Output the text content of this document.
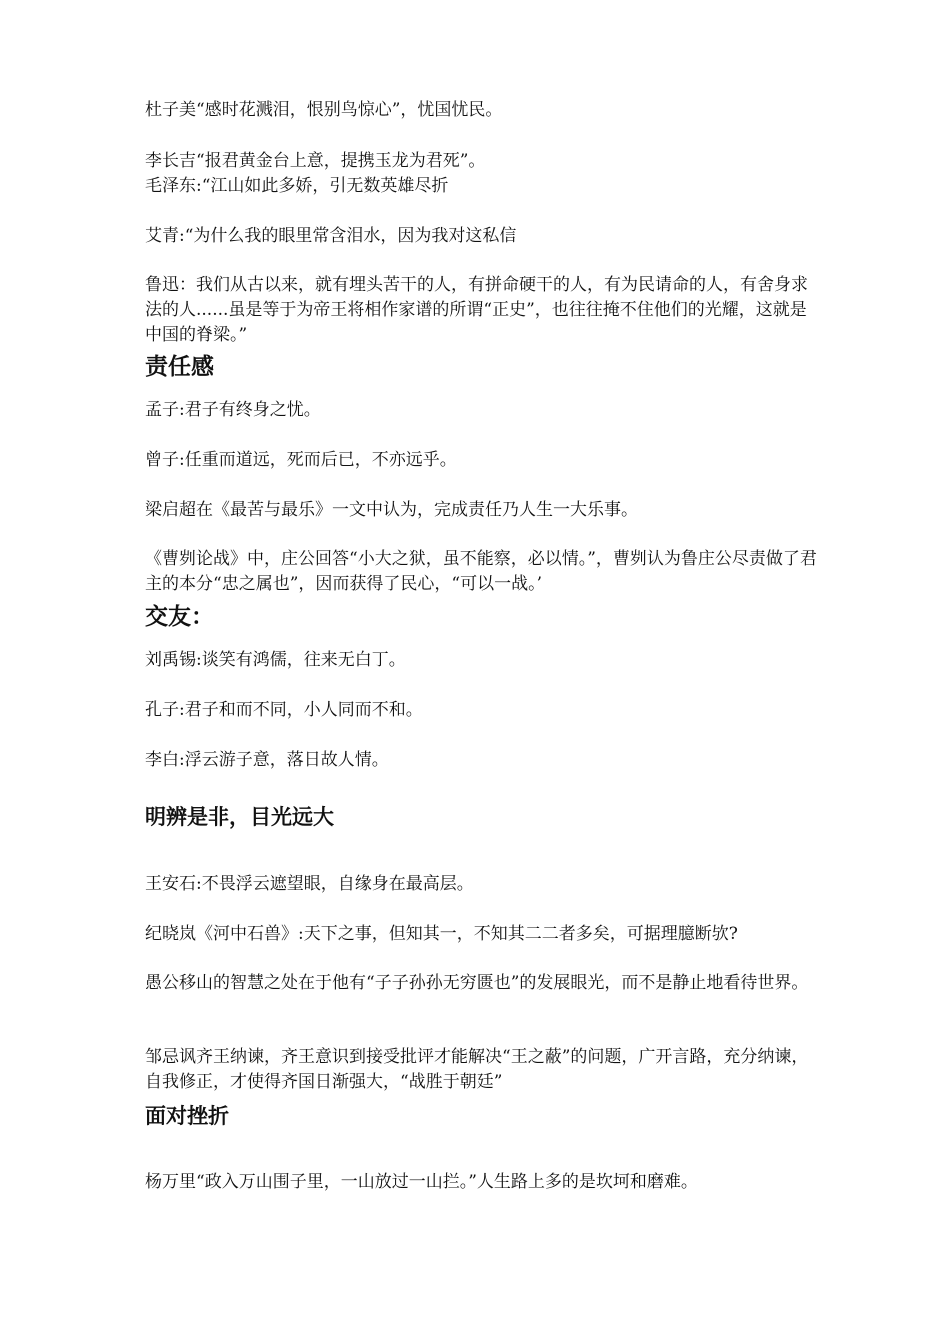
杜子美“感时花溅泪，恨别鸟惊心”，忧国忧民。

李长吉“报君黄金台上意，提携玉龙为君死”。

毛泽东:“江山如此多娇，引无数英雄尽折

艾青:“为什么我的眼里常含泪水，因为我对这私信

鲁迅：我们从古以来，就有埋头苦干的人，有拼命硬干的人，有为民请命的人，有舍身求法的人......虽是等于为帝王将相作家谱的所谓“正史”，也往往掩不住他们的光耀，这就是中国的脊梁。”

责任感

孟子:君子有终身之忧。

曾子:任重而道远，死而后已，不亦远乎。

梁启超在《最苦与最乐》一文中认为，完成责任乃人生一大乐事。

《曹刿论战》中，庄公回答“小大之狱，虽不能察，必以情。”，曹刿认为鲁庄公尽责做了君主的本分“忠之属也”，因而获得了民心，“可以一战。’

交友：

刘禹锡:谈笑有鸿儒，往来无白丁。

孔子:君子和而不同，小人同而不和。

李白:浮云游子意，落日故人情。

明辨是非，目光远大

王安石:不畏浮云遮望眼，自缘身在最高层。

纪晓岚《河中石兽》:天下之事，但知其一，不知其二二者多矣，可据理臆断欤?

愚公移山的智慧之处在于他有“子子孙孙无穷匮也”的发展眼光，而不是静止地看待世界。

邹忌讽齐王纳谏，齐王意识到接受批评才能解决“王之蔽”的问题，广开言路，充分纳谏，自我修正，才使得齐国日渐强大，“战胜于朝廷”

面对挫折

杨万里“政入万山围子里，一山放过一山拦。”人生路上多的是坎坷和磨难。
